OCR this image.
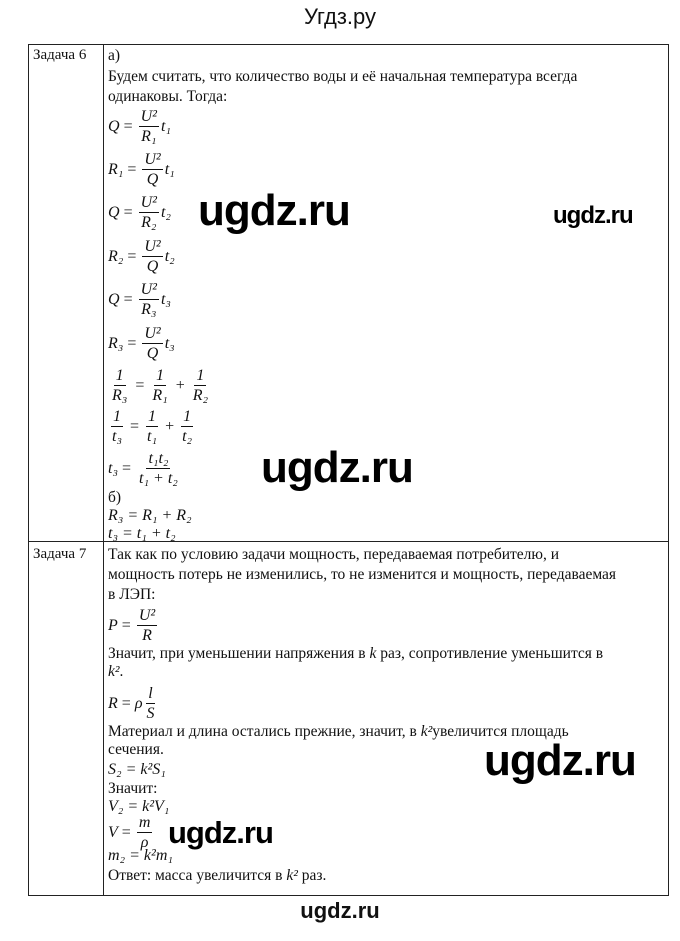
Угдз.ру
Задача 6 а)
Будем считать, что количество воды и её начальная температура всегда
одинаковы. Тогда:
$Q = \frac{\text{U²}}{\text{R₁}} t_1$
$R_1 = \frac{\text{U²}}{Q} t_1$
$Q = \frac{\text{U²}}{\text{R₂}} t_2$
$R_2 = \frac{\text{U²}}{Q} t_2$
$Q = \frac{\text{U²}}{\text{R₃}} t_3$
$R_3 = \frac{\text{U²}}{Q} t_3$
$\frac{1}{\text{R₃}} = \frac{1}{\text{R₁}} + \frac{1}{\text{R₂}}$
$\frac{1}{\text{t₃}} = \frac{1}{\text{t₁}} + \frac{1}{\text{t₂}}$
$t_3 = \frac{\text{t₁t₂}}{\text{t₁ + t₂}}$
б)
R₃ = R₁ + R₂
t₃ = t₁ + t₂
Задача 7 Так как по условию задачи мощность, передаваемая потребителю, и
мощность потерь не изменились, то не изменится и мощность, передаваемая
в ЛЭП:
$P = \frac{\text{U²}}{R}$
Значит, при уменьшении напряжения в k раз, сопротивление уменьшится в
k².
R = ρ $\frac{l}{S}$
Материал и длина остались прежние, значит, в k²увеличится площадь
сечения.
S₂ = k²S₁
Значит:
V₂ = k²V₁
$V = \frac{m}{\rho}$
m₂ = k²m₁
Ответ: масса увеличится в k² раз.
ugdz.ru	ugdz.ru
ugdz.ru
ugdz.ru
ugdz.ru
ugdz.ru
